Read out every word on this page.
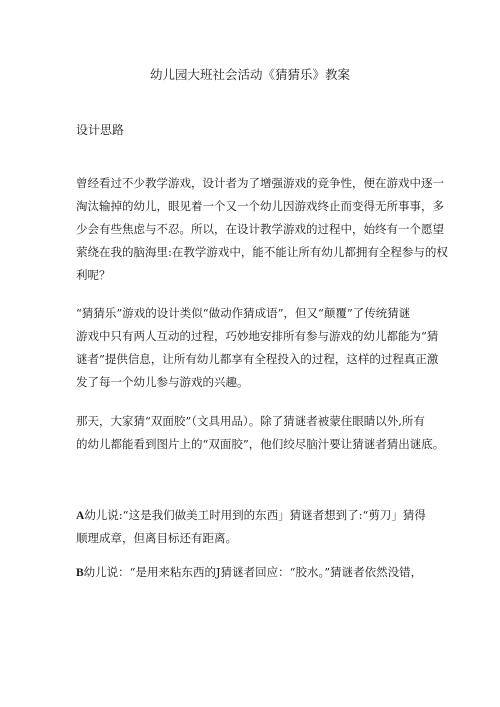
幼儿园大班社会活动《猜猜乐》教案
设计思路
曾经看过不少教学游戏，设计者为了增强游戏的竞争性，便在游戏中逐一
淘汰输掉的幼儿，眼见着一个又一个幼儿因游戏终止而变得无所事事，多
少会有些焦虑与不忍。所以，在设计教学游戏的过程中，始终有一个愿望
萦绕在我的脑海里:在教学游戏中，能不能让所有幼儿都拥有全程参与的权
利呢？
“猜猜乐”游戏的设计类似“做动作猜成语”，但又“颠覆”了传统猜谜
游戏中只有两人互动的过程，巧妙地安排所有参与游戏的幼儿都能为“猜
谜者”提供信息，让所有幼儿都享有全程投入的过程，这样的过程真正激
发了每一个幼儿参与游戏的兴趣。
那天，大家猜“双面胶”（文具用品）。除了猜谜者被蒙住眼睛以外,所有
的幼儿都能看到图片上的“双面胶”，他们绞尽脑汁要让猜谜者猜出谜底。
A幼儿说:“这是我们做美工时用到的东西」猜谜者想到了:“剪刀」猜得
顺理成章，但离目标还有距离。
B幼儿说：“是用来粘东西的J猜谜者回应：“胶水。”猜谜者依然没错，
